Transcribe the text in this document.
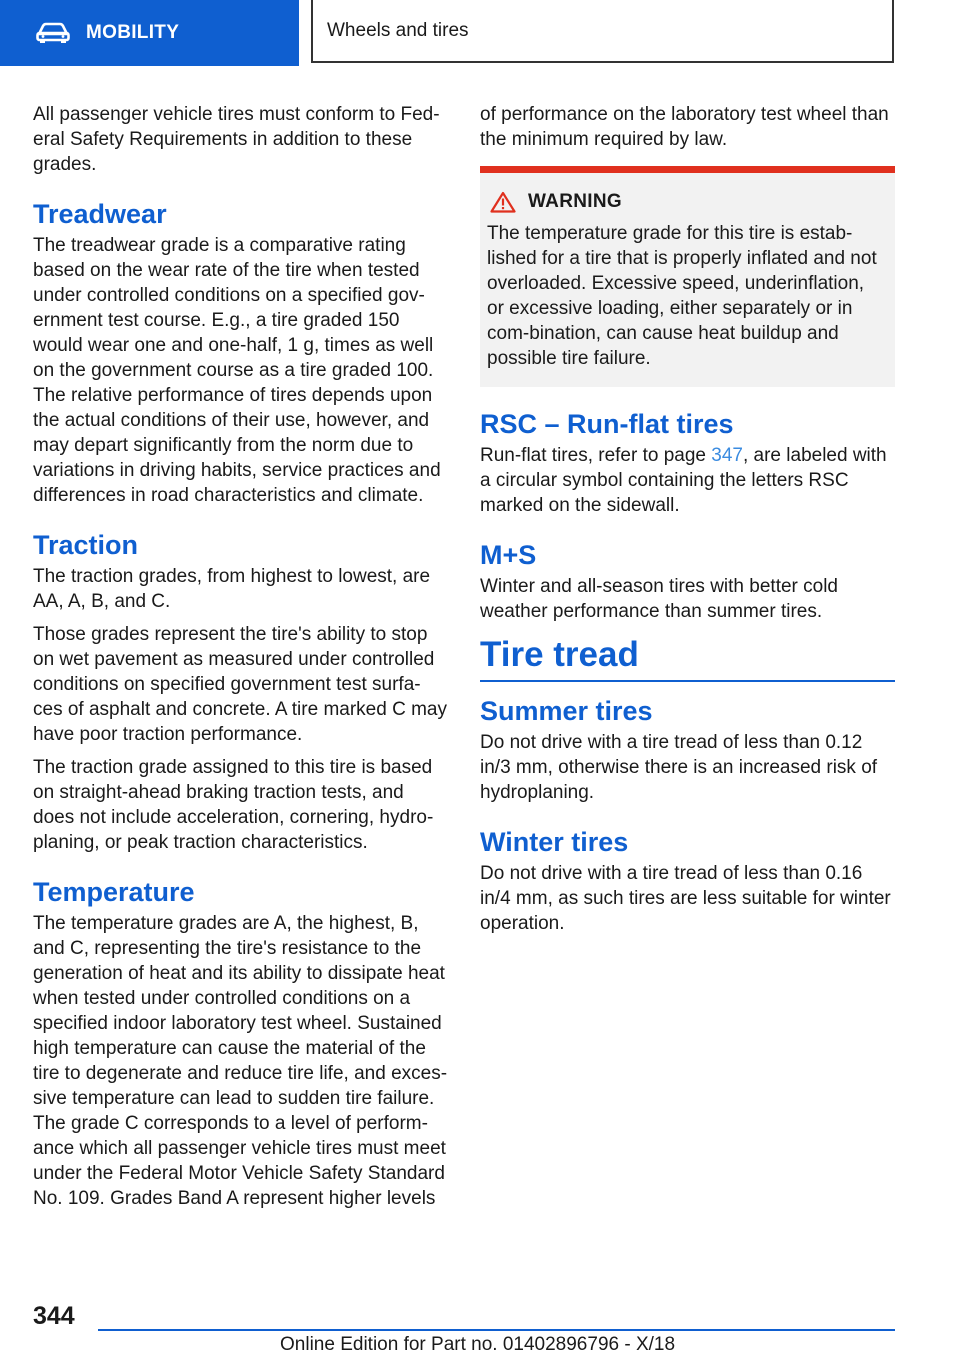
MOBILITY	Wheels and tires

All passenger vehicle tires must conform to Fed-eral Safety Requirements in addition to these grades.

Treadwear

The treadwear grade is a comparative rating based on the wear rate of the tire when tested under controlled conditions on a specified gov-ernment test course. E.g., a tire graded 150 would wear one and one-half, 1 g, times as well on the government course as a tire graded 100. The relative performance of tires depends upon the actual conditions of their use, however, and may depart significantly from the norm due to variations in driving habits, service practices and differences in road characteristics and climate.

Traction

The traction grades, from highest to lowest, are AA, A, B, and C.

Those grades represent the tire's ability to stop on wet pavement as measured under controlled conditions on specified government test surfa-ces of asphalt and concrete. A tire marked C may have poor traction performance.

The traction grade assigned to this tire is based on straight-ahead braking traction tests, and does not include acceleration, cornering, hydro-planing, or peak traction characteristics.

Temperature

The temperature grades are A, the highest, B, and C, representing the tire's resistance to the generation of heat and its ability to dissipate heat when tested under controlled conditions on a specified indoor laboratory test wheel. Sustained high temperature can cause the material of the tire to degenerate and reduce tire life, and exces-sive temperature can lead to sudden tire failure. The grade C corresponds to a level of perform-ance which all passenger vehicle tires must meet under the Federal Motor Vehicle Safety Standard No. 109. Grades Band A represent higher levels

of performance on the laboratory test wheel than the minimum required by law.

WARNING

The temperature grade for this tire is estab-lished for a tire that is properly inflated and not overloaded. Excessive speed, underinflation, or excessive loading, either separately or in com-bination, can cause heat buildup and possible tire failure.

RSC – Run-flat tires

Run-flat tires, refer to page 347, are labeled with a circular symbol containing the letters RSC marked on the sidewall.

M+S

Winter and all-season tires with better cold weather performance than summer tires.

Tire tread
Summer tires

Do not drive with a tire tread of less than 0.12 in/3 mm, otherwise there is an increased risk of hydroplaning.

Winter tires

Do not drive with a tire tread of less than 0.16 in/4 mm, as such tires are less suitable for winter operation.

344
Online Edition for Part no. 01402896796 - X/18
